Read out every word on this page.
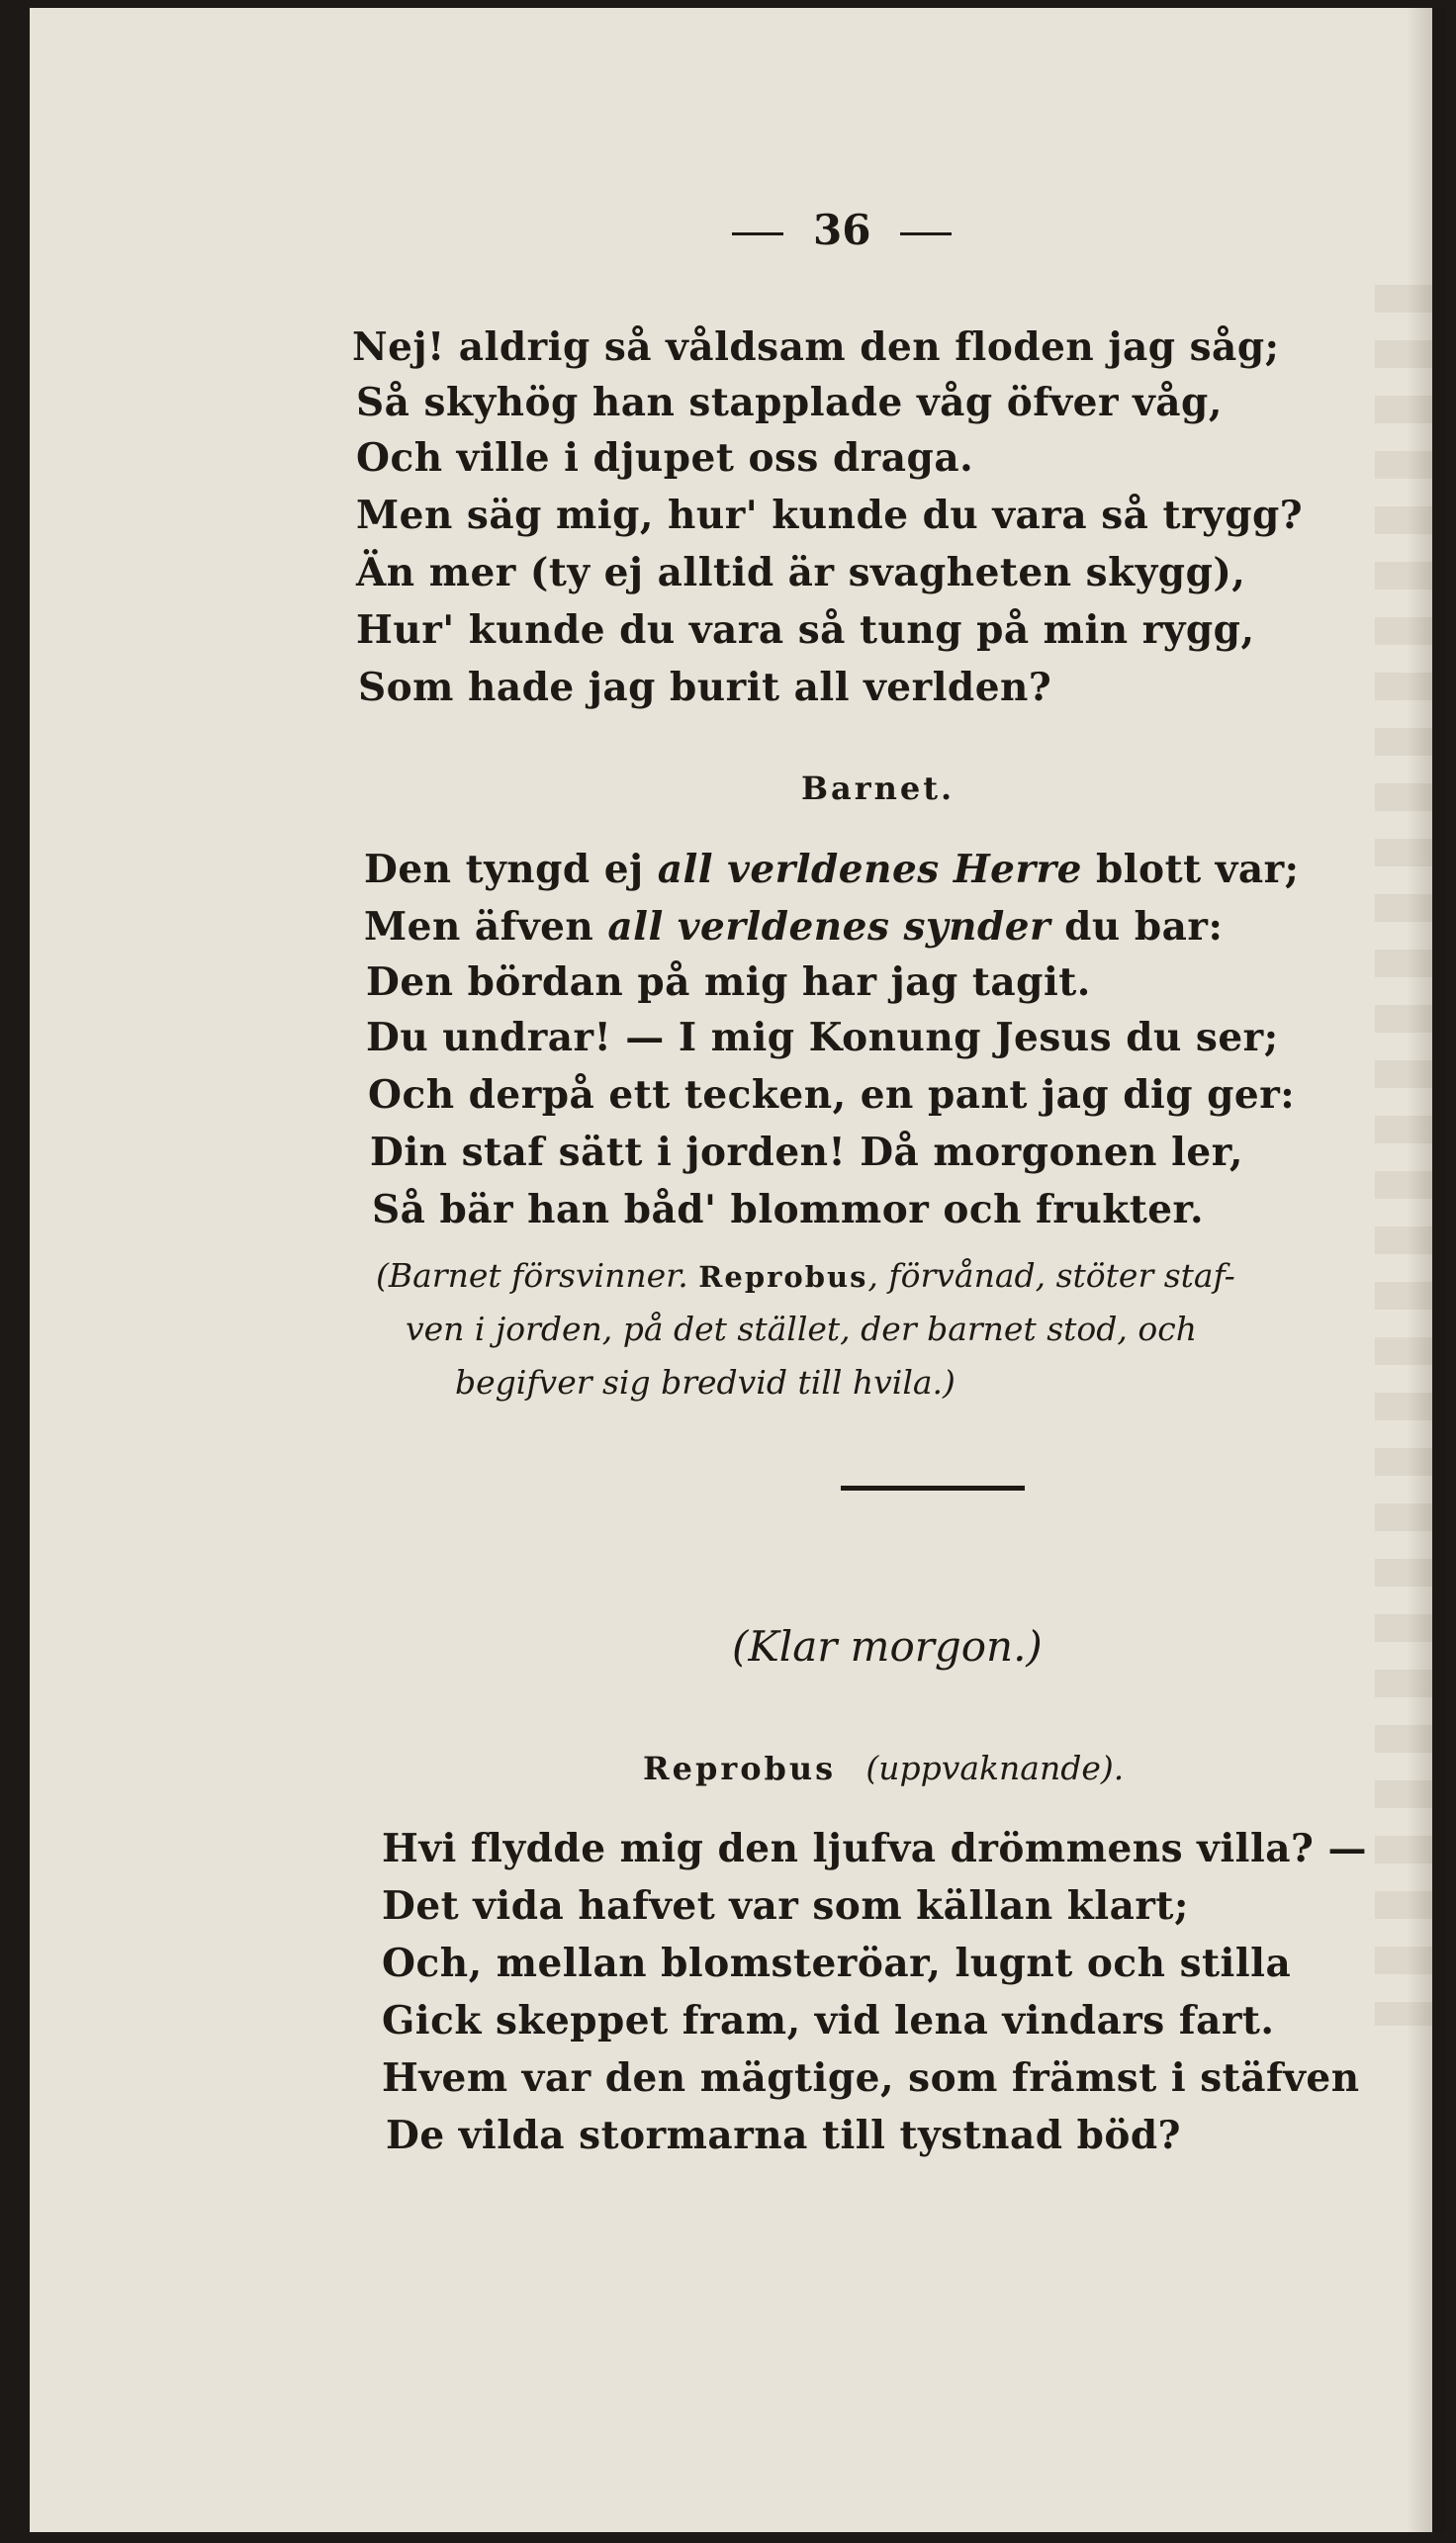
36
Nej! aldrig så våldsam den floden jag såg;
Så skyhög han stapplade våg öfver våg,
Och ville i djupet oss draga.
Men säg mig, hur' kunde du vara så trygg?
Än mer (ty ej alltid är svagheten skygg),
Hur' kunde du vara så tung på min rygg,
Som hade jag burit all verlden?
Barnet.
Den tyngd ej all verldenes Herre blott var;
Men äfven all verldenes synder du bar:
Den bördan på mig har jag tagit.
Du undrar! — I mig Konung Jesus du ser;
Och derpå ett tecken, en pant jag dig ger:
Din staf sätt i jorden! Då morgonen ler,
Så bär han båd' blommor och frukter.
(Barnet försvinner. Reprobus, förvånad, stöter staf-
ven i jorden, på det stället, der barnet stod, och
begifver sig bredvid till hvila.)
(Klar morgon.)
Reprobus (uppvaknande).
Hvi flydde mig den ljufva drömmens villa? —
Det vida hafvet var som källan klart;
Och, mellan blomsteröar, lugnt och stilla
Gick skeppet fram, vid lena vindars fart.
Hvem var den mägtige, som främst i stäfven
De vilda stormarna till tystnad böd?
